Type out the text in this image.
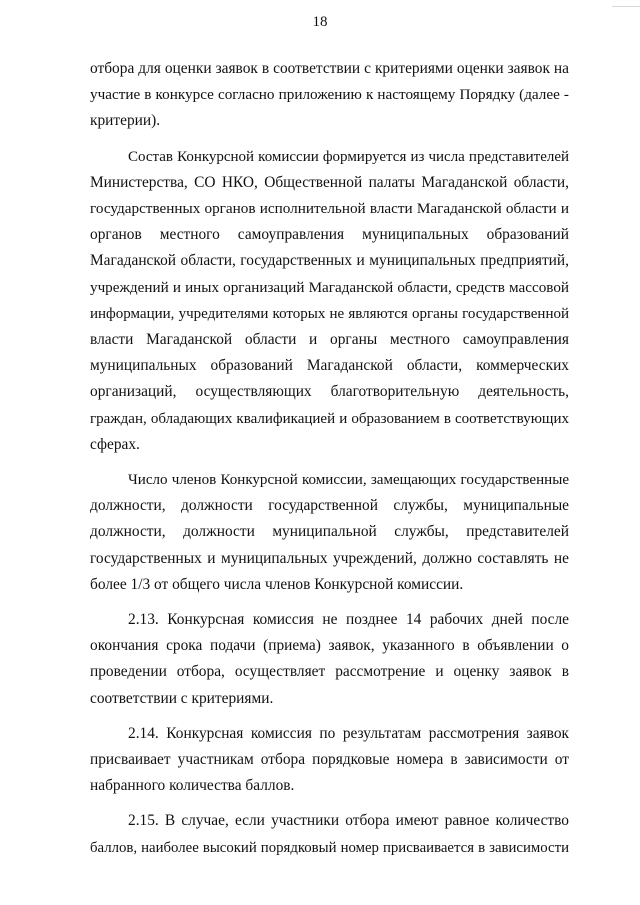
18
отбора для оценки заявок в соответствии с критериями оценки заявок на
участие в конкурсе согласно приложению к настоящему Порядку (далее -
критерии).
Состав Конкурсной комиссии формируется из числа представителей
Министерства, СО НКО, Общественной палаты Магаданской области,
государственных органов исполнительной власти Магаданской области и
органов местного самоуправления муниципальных образований
Магаданской области, государственных и муниципальных предприятий,
учреждений и иных организаций Магаданской области, средств массовой
информации, учредителями которых не являются органы государственной
власти Магаданской области и органы местного самоуправления
муниципальных образований Магаданской области, коммерческих
организаций, осуществляющих благотворительную деятельность,
граждан, обладающих квалификацией и образованием в соответствующих
сферах.
Число членов Конкурсной комиссии, замещающих государственные
должности, должности государственной службы, муниципальные
должности, должности муниципальной службы, представителей
государственных и муниципальных учреждений, должно составлять не
более 1/3 от общего числа членов Конкурсной комиссии.
2.13. Конкурсная комиссия не позднее 14 рабочих дней после
окончания срока подачи (приема) заявок, указанного в объявлении о
проведении отбора, осуществляет рассмотрение и оценку заявок в
соответствии с критериями.
2.14. Конкурсная комиссия по результатам рассмотрения заявок
присваивает участникам отбора порядковые номера в зависимости от
набранного количества баллов.
2.15. В случае, если участники отбора имеют равное количество
баллов, наиболее высокий порядковый номер присваивается в зависимости
